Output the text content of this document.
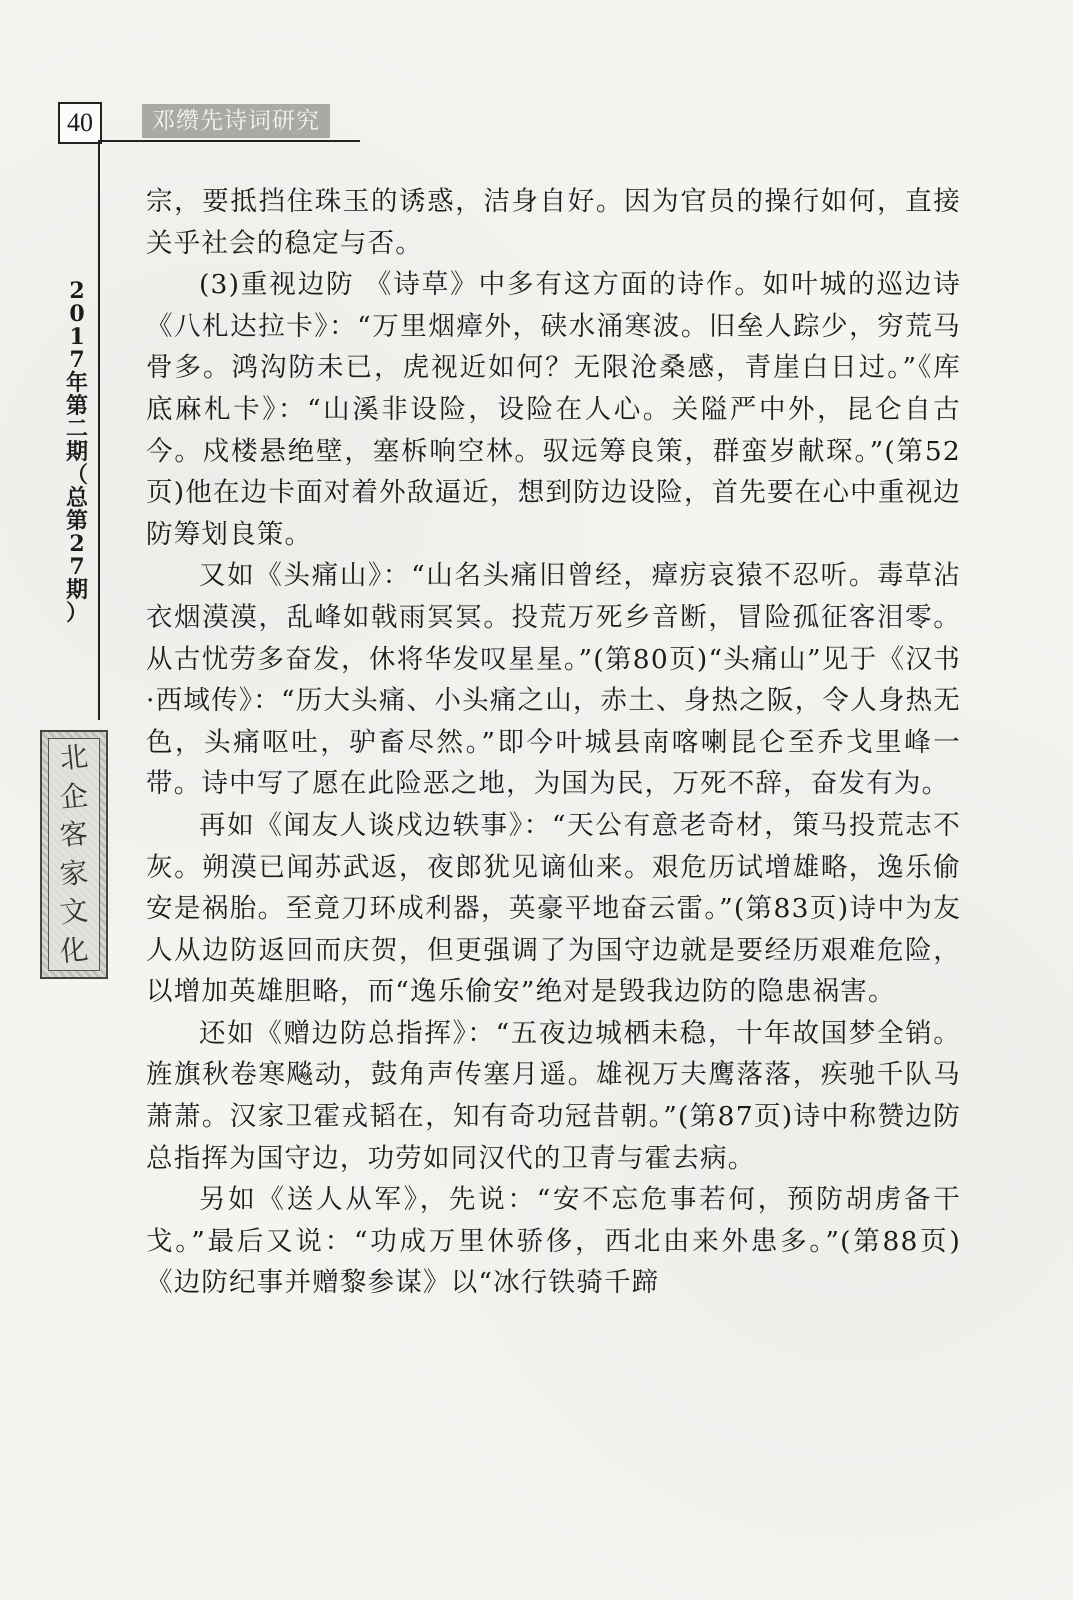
40	邓缵先诗词研究
2
0
1
7
年
第
二
期
（
总
第
2
7
期
）
北
企
客
家
文
化

宗，要抵挡住珠玉的诱惑，洁身自好。因为官员的操行如何，直接关乎社会的稳定与否。

(3)重视边防 《诗草》中多有这方面的诗作。如叶城的巡边诗《八札达拉卡》：“万里烟瘴外，硖水涌寒波。旧垒人踪少，穷荒马骨多。鸿沟防未已，虎视近如何？无限沧桑感，青崖白日过。”《库底麻札卡》：“山溪非设险，设险在人心。关隘严中外，昆仑自古今。戍楼悬绝壁，塞柝响空林。驭远筹良策，群蛮岁献琛。”(第52页)他在边卡面对着外敌逼近，想到防边设险，首先要在心中重视边防筹划良策。

又如《头痛山》：“山名头痛旧曾经，瘴疠哀猿不忍听。毒草沾衣烟漠漠，乱峰如戟雨冥冥。投荒万死乡音断，冒险孤征客泪零。从古忧劳多奋发，休将华发叹星星。”(第80页)“头痛山”见于《汉书·西域传》：“历大头痛、小头痛之山，赤土、身热之阪，令人身热无色，头痛呕吐，驴畜尽然。”即今叶城县南喀喇昆仑至乔戈里峰一带。诗中写了愿在此险恶之地，为国为民，万死不辞，奋发有为。

再如《闻友人谈戍边轶事》：“天公有意老奇材，策马投荒志不灰。朔漠已闻苏武返，夜郎犹见谪仙来。艰危历试增雄略，逸乐偷安是祸胎。至竟刀环成利器，英豪平地奋云雷。”(第83页)诗中为友人从边防返回而庆贺，但更强调了为国守边就是要经历艰难危险，以增加英雄胆略，而“逸乐偷安”绝对是毁我边防的隐患祸害。

还如《赠边防总指挥》：“五夜边城栖未稳，十年故国梦全销。旌旗秋卷寒飚动，鼓角声传塞月遥。雄视万夫鹰落落，疾驰千队马萧萧。汉家卫霍戎韬在，知有奇功冠昔朝。”(第87页)诗中称赞边防总指挥为国守边，功劳如同汉代的卫青与霍去病。

另如《送人从军》，先说：“安不忘危事若何，预防胡虏备干戈。”最后又说：“功成万里休骄侈，西北由来外患多。”(第88页)《边防纪事并赠黎参谋》以“冰行铁骑千蹄
